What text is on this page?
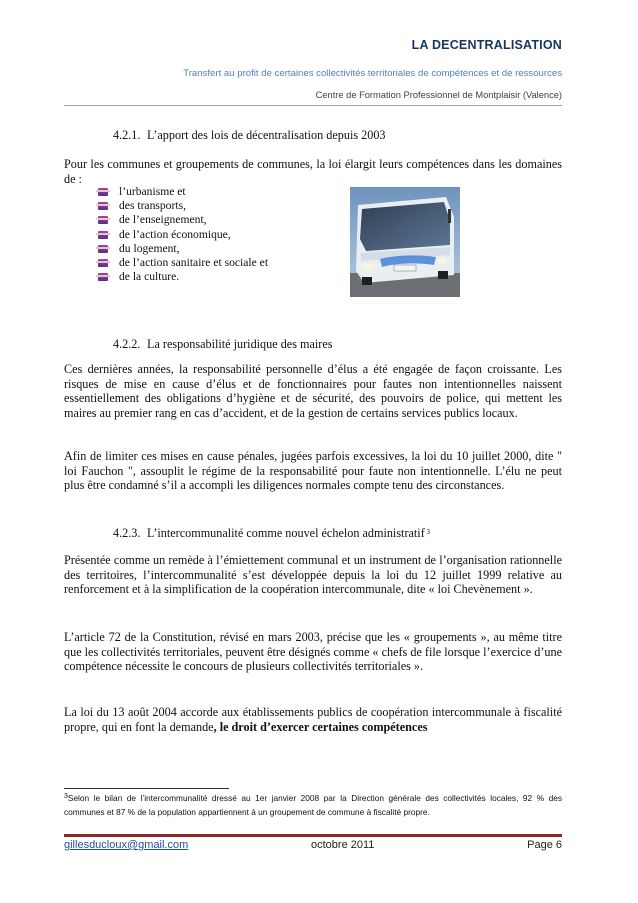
LA DECENTRALISATION
Transfert au profit de certaines collectivités territoriales de compétences et de ressources
Centre de Formation Professionnel de Montplaisir (Valence)
4.2.1. L’apport des lois de décentralisation depuis 2003
Pour les communes et groupements de communes, la loi élargit leurs compétences dans les domaines de :
l’urbanisme et
des transports,
de l’enseignement,
de l’action économique,
du logement,
de l’action sanitaire et sociale et
de la culture.
4.2.2. La responsabilité juridique des maires
Ces dernières années, la responsabilité personnelle d’élus a été engagée de façon croissante. Les risques de mise en cause d’élus et de fonctionnaires pour fautes non intentionnelles naissent essentiellement des obligations d’hygiène et de sécurité, des pouvoirs de police, qui mettent les maires au premier rang en cas d’accident, et de la gestion de certains services publics locaux.
Afin de limiter ces mises en cause pénales, jugées parfois excessives, la loi du 10 juillet 2000, dite " loi Fauchon ", assouplit le régime de la responsabilité pour faute non intentionnelle. L’élu ne peut plus être condamné s’il a accompli les diligences normales compte tenu des circonstances.
4.2.3. L’intercommunalité comme nouvel échelon administratif $^3$
Présentée comme un remède à l’émiettement communal et un instrument de l’organisation rationnelle des territoires, l’intercommunalité s’est développée depuis la loi du 12 juillet 1999 relative au renforcement et à la simplification de la coopération intercommunale, dite « loi Chevènement ».
L’article 72 de la Constitution, révisé en mars 2003, précise que les « groupements », au même titre que les collectivités territoriales, peuvent être désignés comme « chefs de file lorsque l’exercice d’une compétence nécessite le concours de plusieurs collectivités territoriales ».
La loi du 13 août 2004 accorde aux établissements publics de coopération intercommunale à fiscalité propre, qui en font la demande, le droit d’exercer certaines compétences
$^3$Selon le bilan de l’intercommunalité dressé au 1er janvier 2008 par la Direction générale des collectivités locales, 92 % des communes et 87 % de la population appartiennent à un groupement de commune à fiscalité propre.
gillesducloux@gmail.com	octobre 2011	Page 6
